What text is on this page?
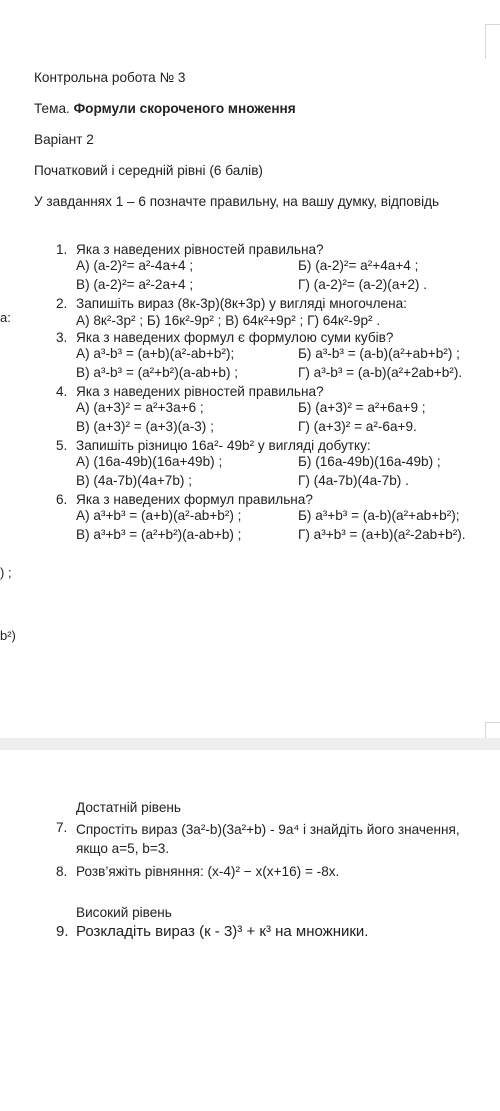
а:
) ;
b²)
Контрольна робота № 3
Тема. Формули скороченого множення
Варіант 2
Початковий і середній рівні (6 балів)
У завданнях 1 – 6 позначте правильну, на вашу думку, відповідь
1. Яка з наведених рівностей правильна?
А) (a-2)²= a²-4a+4 ;	Б) (a-2)²= a²+4a+4 ;
В) (a-2)²= a²-2a+4 ;	Г) (a-2)²= (a-2)(a+2) .
2. Запишіть вираз (8к-3p)(8к+3p) у вигляді многочлена:
А) 8к²-3p² ; Б) 16к²-9p² ; В) 64к²+9p² ; Г) 64к²-9p² .
3. Яка з наведених формул є формулою суми кубів?
А) a³-b³ = (a+b)(a²-ab+b²);	Б) a³-b³ = (a-b)(a²+ab+b²) ;
В) a³-b³ = (a²+b²)(a-ab+b) ;	Г) a³-b³ = (a-b)(a²+2ab+b²).
4. Яка з наведених рівностей правильна?
А) (a+3)² = a²+3a+6 ;	Б) (a+3)² = a²+6a+9 ;
В) (a+3)² = (a+3)(a-3) ;	Г) (a+3)² = a²-6a+9.
5. Запишіть різницю 16a²- 49b² у вигляді добутку:
А) (16a-49b)(16a+49b) ;	Б) (16a-49b)(16a-49b) ;
В) (4a-7b)(4a+7b) ;	Г) (4a-7b)(4a-7b) .
6. Яка з наведених формул правильна?
А) a³+b³ = (a+b)(a²-ab+b²) ;	Б) a³+b³ = (a-b)(a²+ab+b²);
В) a³+b³ = (a²+b²)(a-ab+b) ;	Г) a³+b³ = (a+b)(a²-2ab+b²).
Достатній рівень
7. Спростіть вираз (3a²-b)(3a²+b) - 9a⁴ і знайдіть його значення, якщо a=5, b=3.
8. Розв’яжіть рівняння: (x-4)² − x(x+16) = -8x.
Високий рівень
9. Розкладіть вираз (к - 3)³ + к³ на множники.
